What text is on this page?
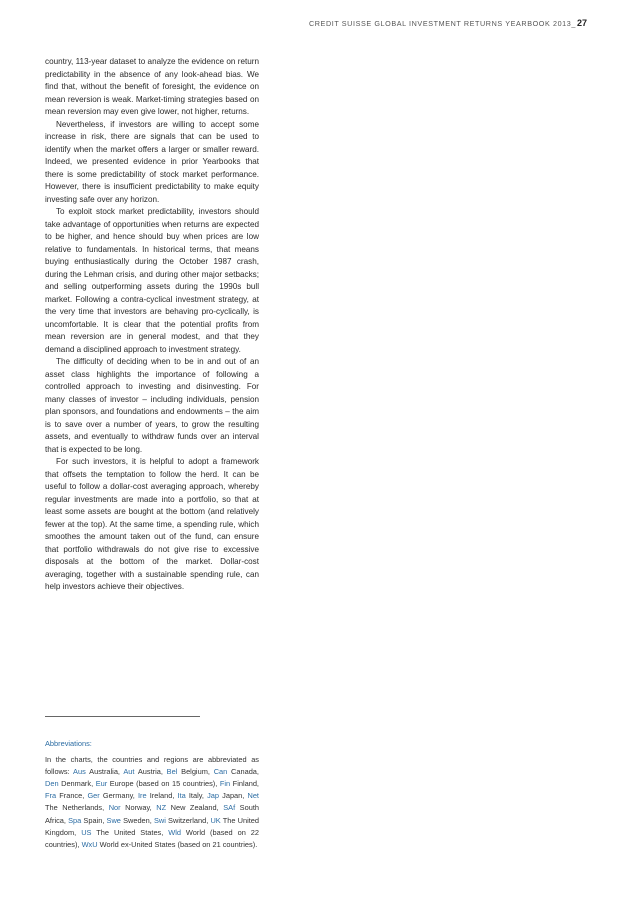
CREDIT SUISSE GLOBAL INVESTMENT RETURNS YEARBOOK 2013 _ 27

country, 113-year dataset to analyze the evidence on return predictability in the absence of any look-ahead bias. We find that, without the benefit of foresight, the evidence on mean reversion is weak. Market-timing strategies based on mean reversion may even give lower, not higher, returns.

Nevertheless, if investors are willing to accept some increase in risk, there are signals that can be used to identify when the market offers a larger or smaller reward. Indeed, we presented evidence in prior Yearbooks that there is some predictability of stock market performance. However, there is insufficient predictability to make equity investing safe over any horizon.

To exploit stock market predictability, investors should take advantage of opportunities when returns are expected to be higher, and hence should buy when prices are low relative to fundamentals. In historical terms, that means buying enthusiastically during the October 1987 crash, during the Lehman crisis, and during other major setbacks; and selling outperforming assets during the 1990s bull market. Following a contra-cyclical investment strategy, at the very time that investors are behaving pro-cyclically, is uncomfortable. It is clear that the potential profits from mean reversion are in general modest, and that they demand a disciplined approach to investment strategy.

The difficulty of deciding when to be in and out of an asset class highlights the importance of following a controlled approach to investing and disinvesting. For many classes of investor – including individuals, pension plan sponsors, and foundations and endowments – the aim is to save over a number of years, to grow the resulting assets, and eventually to withdraw funds over an interval that is expected to be long.

For such investors, it is helpful to adopt a framework that offsets the temptation to follow the herd. It can be useful to follow a dollar-cost averaging approach, whereby regular investments are made into a portfolio, so that at least some assets are bought at the bottom (and relatively fewer at the top). At the same time, a spending rule, which smoothes the amount taken out of the fund, can ensure that portfolio withdrawals do not give rise to excessive disposals at the bottom of the market. Dollar-cost averaging, together with a sustainable spending rule, can help investors achieve their objectives.

Abbreviations:
In the charts, the countries and regions are abbreviated as follows: Aus Australia, Aut Austria, Bel Belgium, Can Canada, Den Denmark, Eur Europe (based on 15 countries), Fin Finland, Fra France, Ger Germany, Ire Ireland, Ita Italy, Jap Japan, Net The Netherlands, Nor Norway, NZ New Zealand, SAf South Africa, Spa Spain, Swe Sweden, Swi Switzerland, UK The United Kingdom, US The United States, Wld World (based on 22 countries), WxU World ex-United States (based on 21 countries).
